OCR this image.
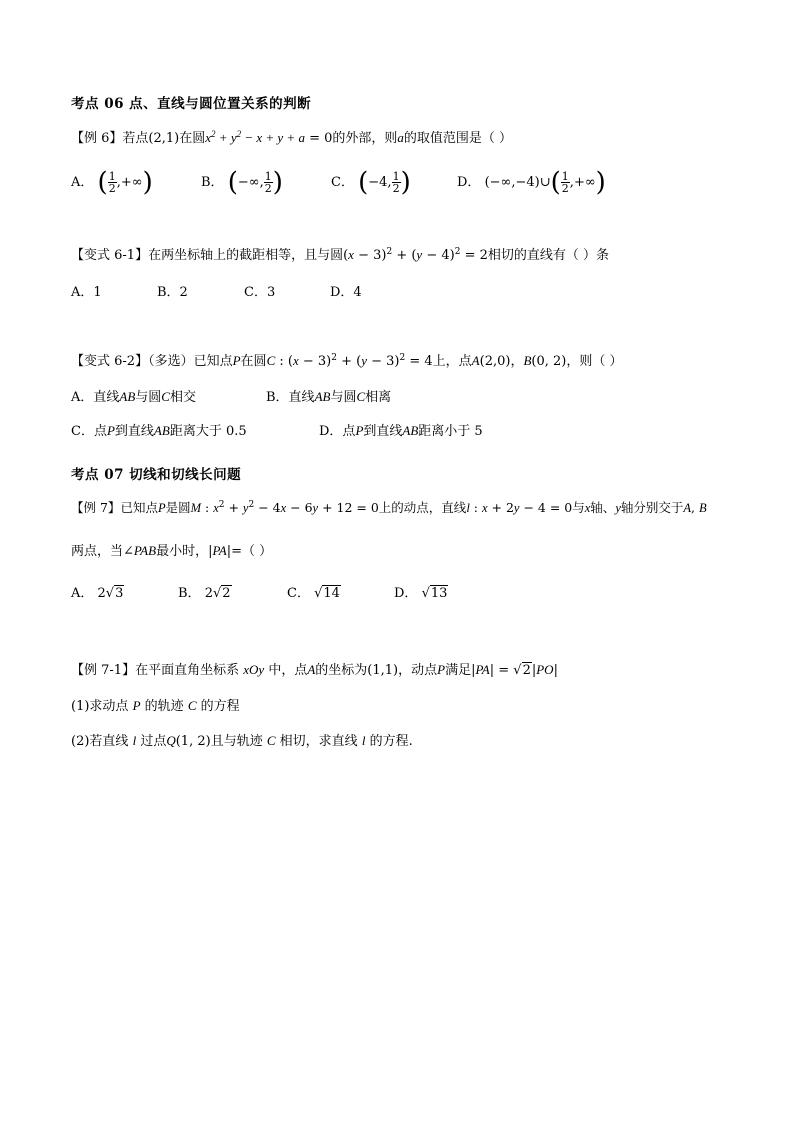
考点 06 点、直线与圆位置关系的判断
【例 6】若点(2,1)在圆$x^2 + y^2 - x + y + a = 0$的外部，则a的取值范围是（ ）
A． ( $\frac{1}{2}$ ,+∞)	B． (−∞, $\frac{1}{2}$ )	C． (−4, $\frac{1}{2}$ )	D． (−∞,−4)∪( $\frac{1}{2}$ ,+∞)
【变式 6-1】在两坐标轴上的截距相等，且与圆$(x - 3)^2 + (y - 4)^2 = 2$相切的直线有（ ）条
A．1	B．2	C．3	D．4
【变式 6-2】（多选）已知点P在圆C : $(x - 3)^2 + (y - 3)^2 = 4$上，点A(2,0)，B(0, 2)，则（ ）
A．直线AB与圆C相交	B．直线AB与圆C相离
C．点P到直线AB距离大于 0.5	D．点P到直线AB距离小于 5
考点 07 切线和切线长问题
【例 7】已知点P是圆M : $x^2 + y^2 - 4x - 6y + 12 = 0$上的动点，直线l : x + 2y − 4 = 0与x轴、y轴分别交于A, B
两点，当∠PAB最小时，|PA|=（ ）
A． 2√3	B． 2√2	C． √14	D． √13
【例 7-1】在平面直角坐标系 xOy 中，点A的坐标为(1,1)，动点P满足|PA| = √2|PO|
(1)求动点 P 的轨迹 C 的方程
(2)若直线 l 过点Q(1, 2)且与轨迹 C 相切，求直线 l 的方程.
